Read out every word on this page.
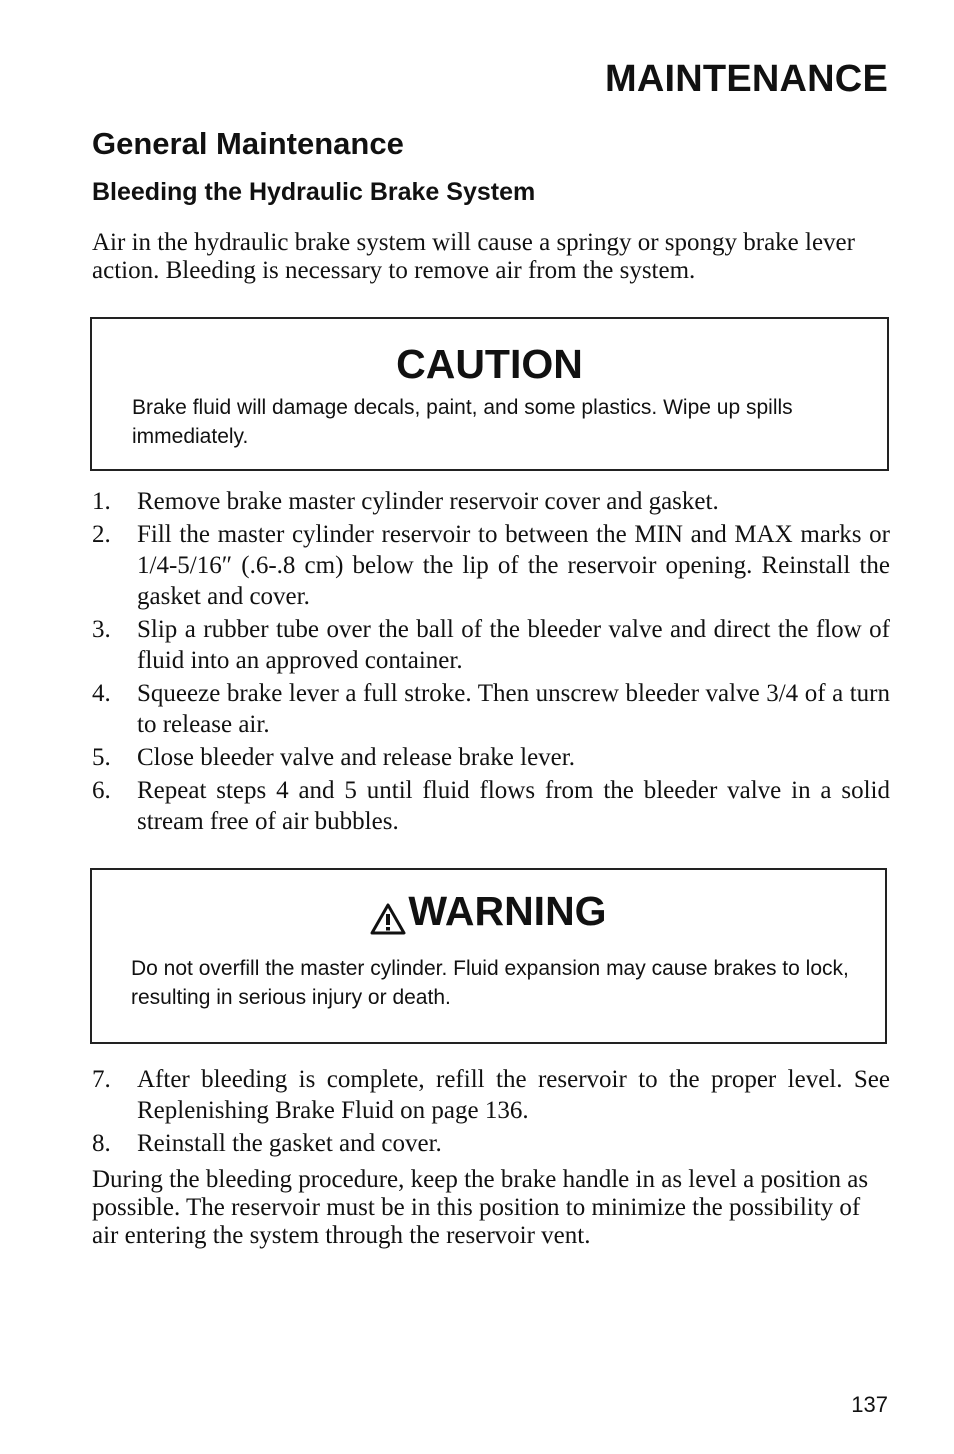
MAINTENANCE
General Maintenance
Bleeding the Hydraulic Brake System

Air in the hydraulic brake system will cause a springy or spongy brake lever action. Bleeding is necessary to remove air from the system.

CAUTION

Brake fluid will damage decals, paint, and some plastics. Wipe up spills immediately.

1. Remove brake master cylinder reservoir cover and gasket.
2. Fill the master cylinder reservoir to between the MIN and MAX marks or 1/4-5/16″ (.6-.8 cm) below the lip of the reservoir opening. Reinstall the gasket and cover.
3. Slip a rubber tube over the ball of the bleeder valve and direct the flow of fluid into an approved container.
4. Squeeze brake lever a full stroke. Then unscrew bleeder valve 3/4 of a turn to release air.
5. Close bleeder valve and release brake lever.
6. Repeat steps 4 and 5 until fluid flows from the bleeder valve in a solid stream free of air bubbles.

WARNING

Do not overfill the master cylinder. Fluid expansion may cause brakes to lock, resulting in serious injury or death.

7. After bleeding is complete, refill the reservoir to the proper level. See Replenishing Brake Fluid on page 136.
8. Reinstall the gasket and cover.

During the bleeding procedure, keep the brake handle in as level a position as possible. The reservoir must be in this position to minimize the possibility of air entering the system through the reservoir vent.

137
